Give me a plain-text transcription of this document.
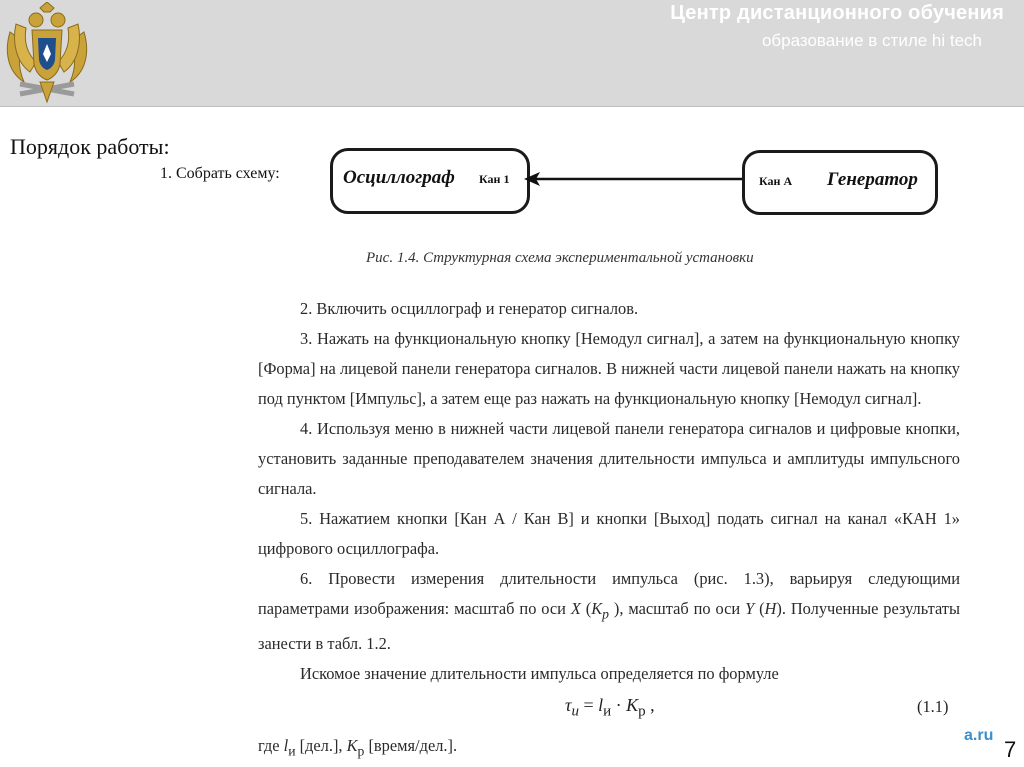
Центр дистанционного обучения
образование в стиле hi tech
Порядок работы:
1. Собрать схему:	Осциллограф Кан 1	Кан А Генератор
Рис. 1.4. Структурная схема экспериментальной установки

2. Включить осциллограф и генератор сигналов.

3. Нажать на функциональную кнопку [Немодул сигнал], а затем на функциональную кнопку [Форма] на лицевой панели генератора сигналов. В нижней части лицевой панели нажать на кнопку под пунктом [Импульс], а затем еще раз нажать на функциональную кнопку [Немодул сигнал].

4. Используя меню в нижней части лицевой панели генератора сигналов и цифровые кнопки, установить заданные преподавателем значения длительности импульса и амплитуды импульсного сигнала.

5. Нажатием кнопки [Кан А / Кан В] и кнопки [Выход] подать сигнал на канал «КАН 1» цифрового осциллографа.

6. Провести измерения длительности импульса (рис. 1.3), варьируя следующими параметрами изображения: масштаб по оси X ($K_р$ ), масштаб по оси Y (H). Полученные результаты занести в табл. 1.2.

Искомое значение длительности импульса определяется по формуле

$\tau_и = l_и \cdot K_р$ ,	(1.1)
где $l_и$ [дел.], $K_р$ [время/дел.].
a.ru
7
